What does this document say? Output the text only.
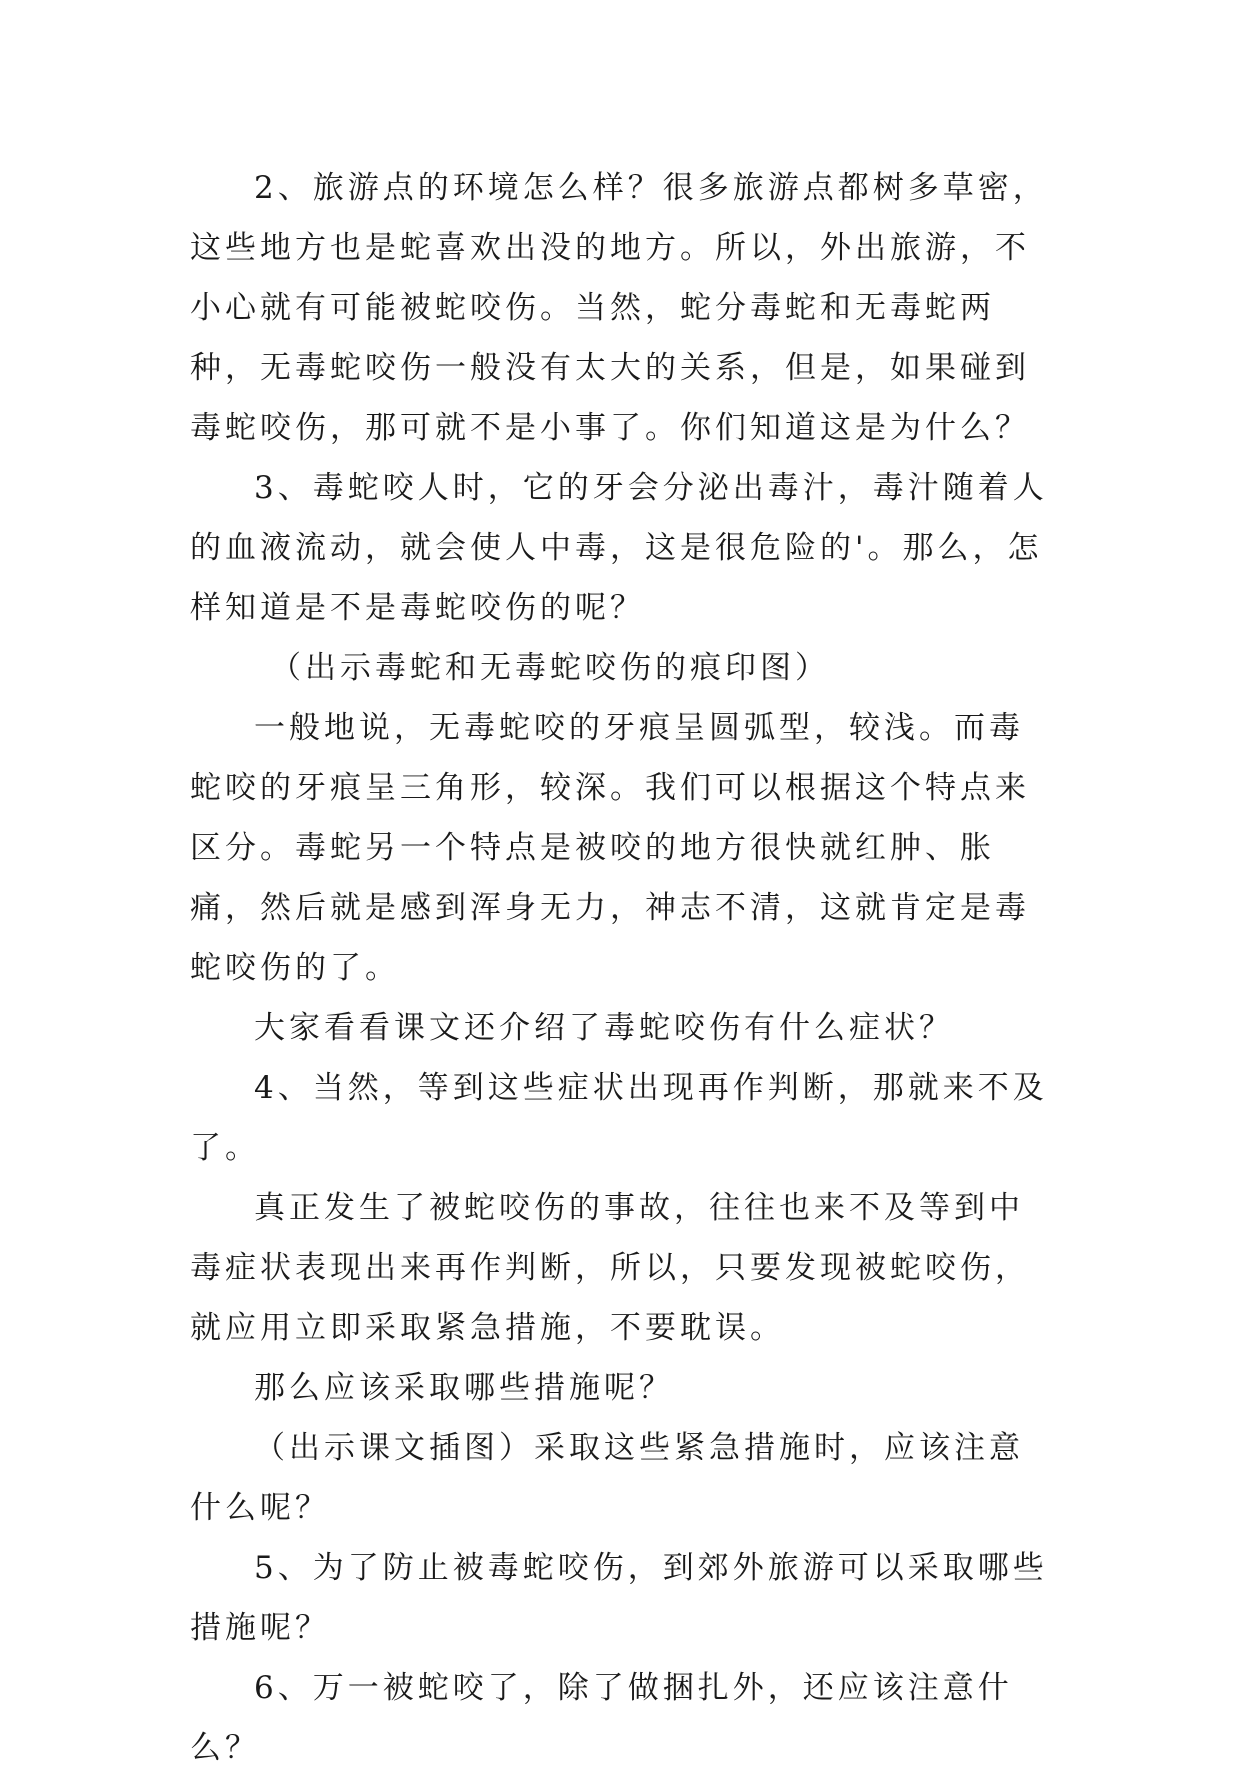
2、旅游点的环境怎么样？很多旅游点都树多草密，这些地方也是蛇喜欢出没的地方。所以，外出旅游，不小心就有可能被蛇咬伤。当然，蛇分毒蛇和无毒蛇两种，无毒蛇咬伤一般没有太大的关系，但是，如果碰到毒蛇咬伤，那可就不是小事了。你们知道这是为什么？

3、毒蛇咬人时，它的牙会分泌出毒汁，毒汁随着人的血液流动，就会使人中毒，这是很危险的'。那么，怎样知道是不是毒蛇咬伤的呢？

（出示毒蛇和无毒蛇咬伤的痕印图）

一般地说，无毒蛇咬的牙痕呈圆弧型，较浅。而毒蛇咬的牙痕呈三角形，较深。我们可以根据这个特点来区分。毒蛇另一个特点是被咬的地方很快就红肿、胀痛，然后就是感到浑身无力，神志不清，这就肯定是毒蛇咬伤的了。

大家看看课文还介绍了毒蛇咬伤有什么症状？

4、当然，等到这些症状出现再作判断，那就来不及了。

真正发生了被蛇咬伤的事故，往往也来不及等到中毒症状表现出来再作判断，所以，只要发现被蛇咬伤，就应用立即采取紧急措施，不要耽误。

那么应该采取哪些措施呢？

（出示课文插图）采取这些紧急措施时，应该注意什么呢？

5、为了防止被毒蛇咬伤，到郊外旅游可以采取哪些措施呢？

6、万一被蛇咬了，除了做捆扎外，还应该注意什么？
